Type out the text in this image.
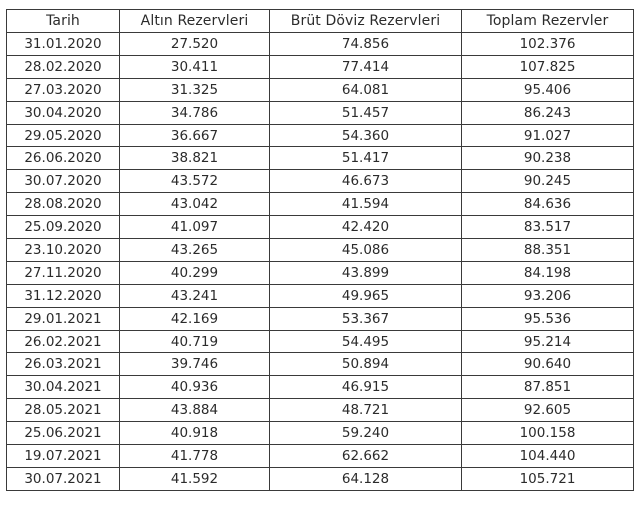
Tarih	Altın Rezervleri	Brüt Döviz Rezervleri	Toplam Rezervler
31.01.2020	27.520	74.856	102.376
28.02.2020	30.411	77.414	107.825
27.03.2020	31.325	64.081	95.406
30.04.2020	34.786	51.457	86.243
29.05.2020	36.667	54.360	91.027
26.06.2020	38.821	51.417	90.238
30.07.2020	43.572	46.673	90.245
28.08.2020	43.042	41.594	84.636
25.09.2020	41.097	42.420	83.517
23.10.2020	43.265	45.086	88.351
27.11.2020	40.299	43.899	84.198
31.12.2020	43.241	49.965	93.206
29.01.2021	42.169	53.367	95.536
26.02.2021	40.719	54.495	95.214
26.03.2021	39.746	50.894	90.640
30.04.2021	40.936	46.915	87.851
28.05.2021	43.884	48.721	92.605
25.06.2021	40.918	59.240	100.158
19.07.2021	41.778	62.662	104.440
30.07.2021	41.592	64.128	105.721
